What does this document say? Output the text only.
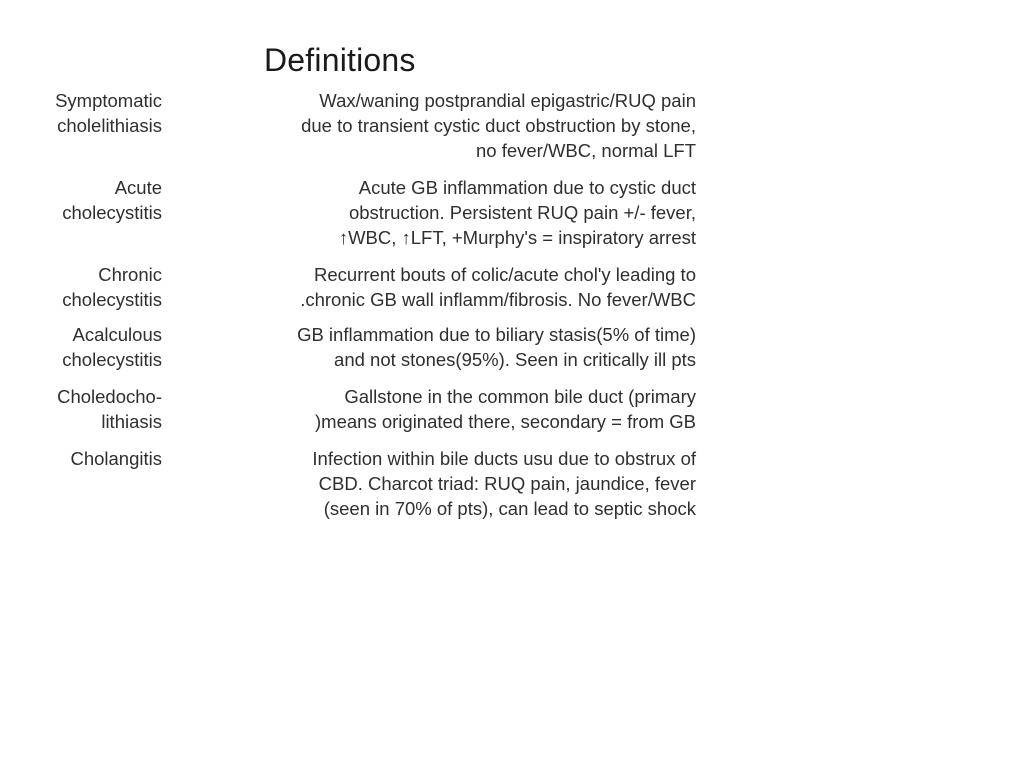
Definitions
Symptomatic
cholelithiasis
Wax/waning postprandial epigastric/RUQ pain
due to transient cystic duct obstruction by stone,
no fever/WBC, normal LFT
Acute
cholecystitis
Acute GB inflammation due to cystic duct
obstruction. Persistent RUQ pain +/- fever,
↑WBC, ↑LFT, +Murphy's = inspiratory arrest
Chronic
cholecystitis
Recurrent bouts of colic/acute chol'y leading to
.chronic GB wall inflamm/fibrosis. No fever/WBC
Acalculous
cholecystitis
GB inflammation due to biliary stasis(5% of time)
and not stones(95%). Seen in critically ill pts
Choledocho-
lithiasis
Gallstone in the common bile duct (primary
)means originated there, secondary = from GB
Cholangitis	Infection within bile ducts usu due to obstrux of
CBD. Charcot triad: RUQ pain, jaundice, fever
(seen in 70% of pts), can lead to septic shock
